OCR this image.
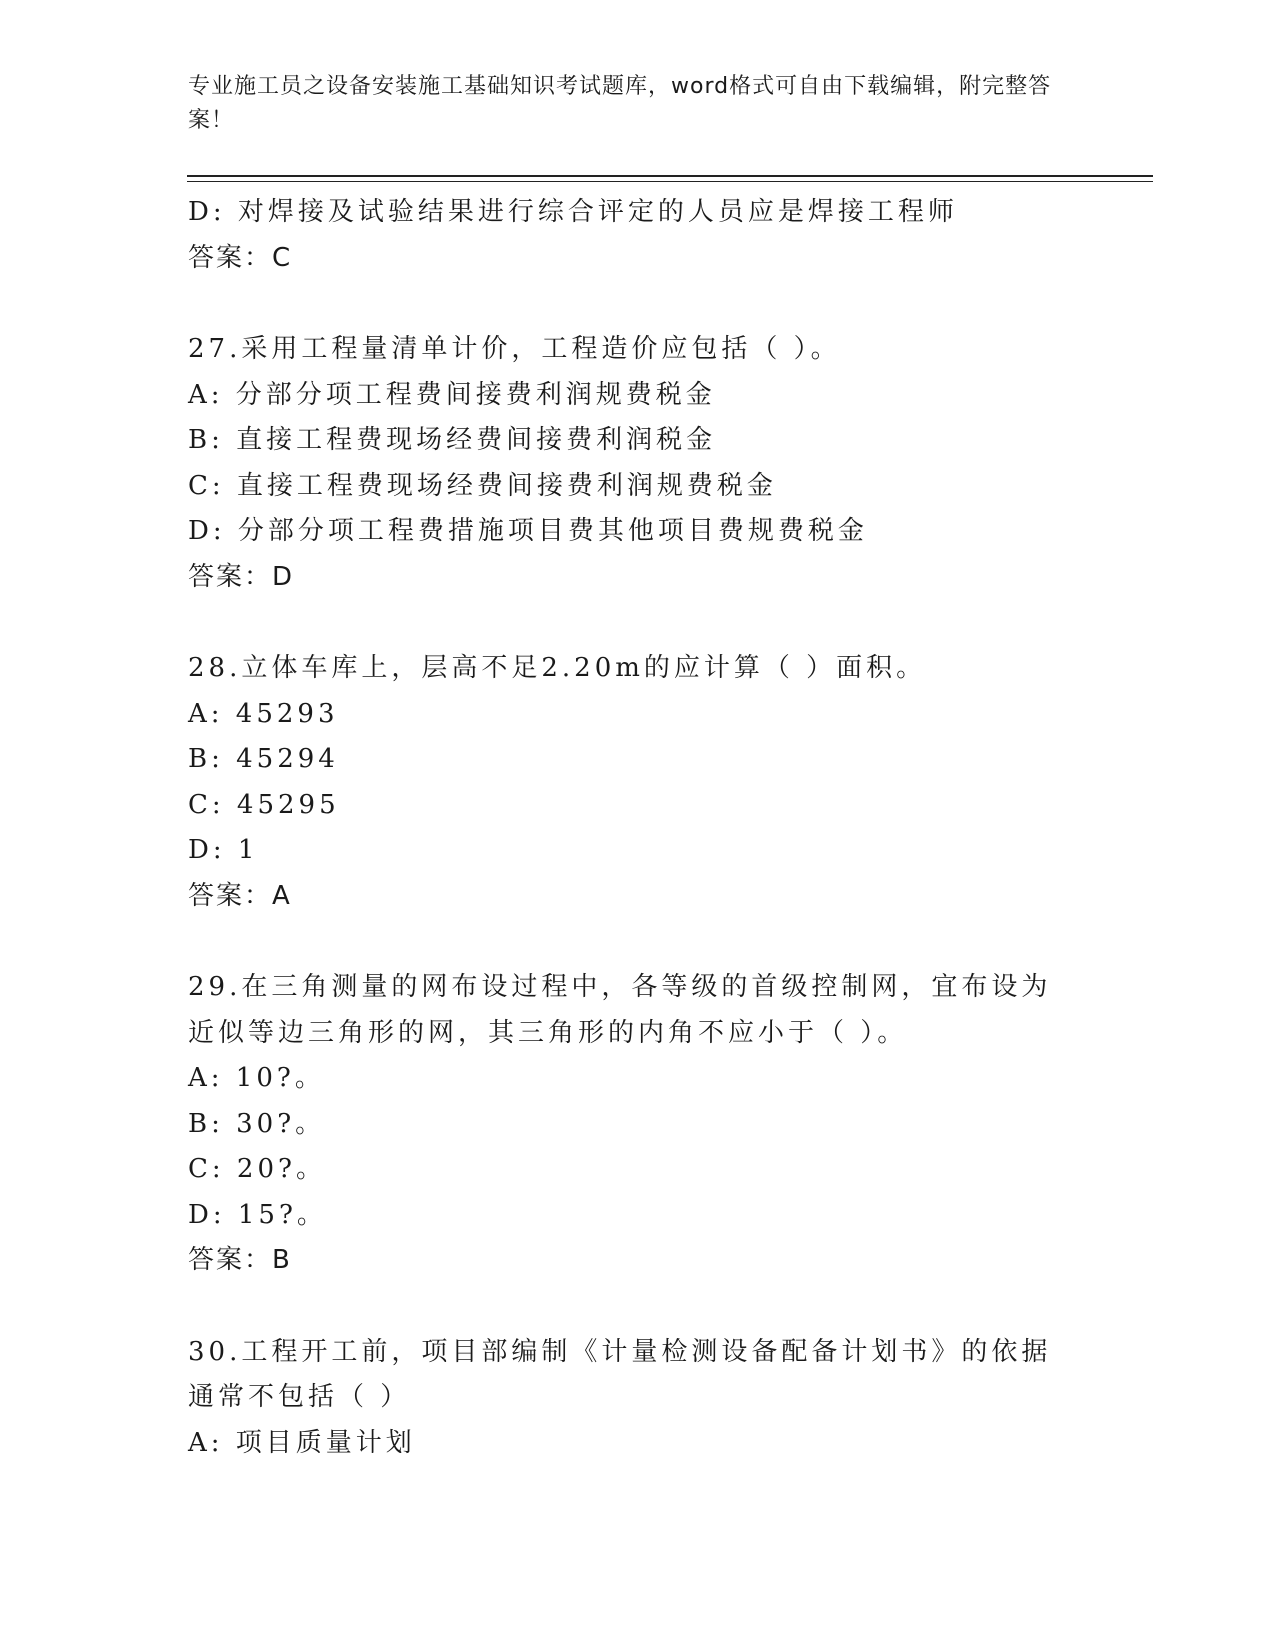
专业施工员之设备安装施工基础知识考试题库，word格式可自由下载编辑，附完整答案！
D: 对焊接及试验结果进行综合评定的人员应是焊接工程师
答案：C
27.采用工程量清单计价，工程造价应包括（ ）。
A: 分部分项工程费间接费利润规费税金
B: 直接工程费现场经费间接费利润税金
C: 直接工程费现场经费间接费利润规费税金
D: 分部分项工程费措施项目费其他项目费规费税金
答案：D
28.立体车库上，层高不足2.20m的应计算（ ）面积。
A: 45293
B: 45294
C: 45295
D: 1
答案：A
29.在三角测量的网布设过程中，各等级的首级控制网，宜布设为近似等边三角形的网，其三角形的内角不应小于（ ）。
A: 10?。
B: 30?。
C: 20?。
D: 15?。
答案：B
30.工程开工前，项目部编制《计量检测设备配备计划书》的依据通常不包括（ ）
A: 项目质量计划
